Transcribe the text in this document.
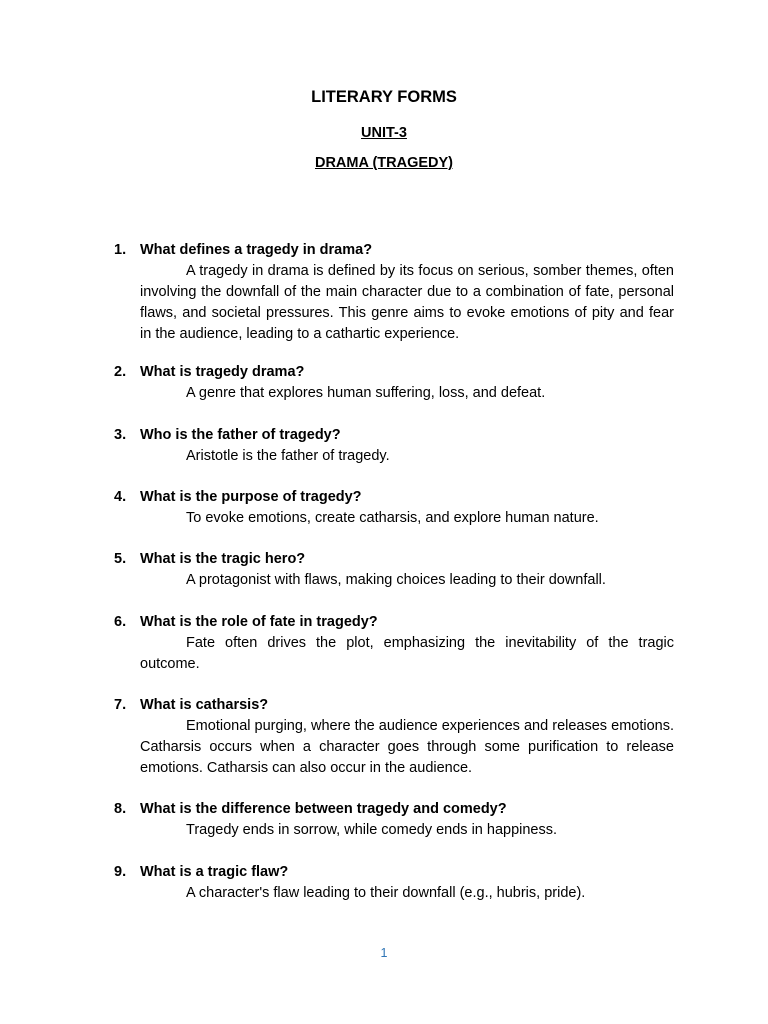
LITERARY FORMS
UNIT-3
DRAMA (TRAGEDY)
1. What defines a tragedy in drama?
A tragedy in drama is defined by its focus on serious, somber themes, often involving the downfall of the main character due to a combination of fate, personal flaws, and societal pressures. This genre aims to evoke emotions of pity and fear in the audience, leading to a cathartic experience.
2. What is tragedy drama?
A genre that explores human suffering, loss, and defeat.
3. Who is the father of tragedy?
Aristotle is the father of tragedy.
4. What is the purpose of tragedy?
To evoke emotions, create catharsis, and explore human nature.
5. What is the tragic hero?
A protagonist with flaws, making choices leading to their downfall.
6. What is the role of fate in tragedy?
Fate often drives the plot, emphasizing the inevitability of the tragic outcome.
7. What is catharsis?
Emotional purging, where the audience experiences and releases emotions. Catharsis occurs when a character goes through some purification to release emotions. Catharsis can also occur in the audience.
8. What is the difference between tragedy and comedy?
Tragedy ends in sorrow, while comedy ends in happiness.
9. What is a tragic flaw?
A character's flaw leading to their downfall (e.g., hubris, pride).
1
